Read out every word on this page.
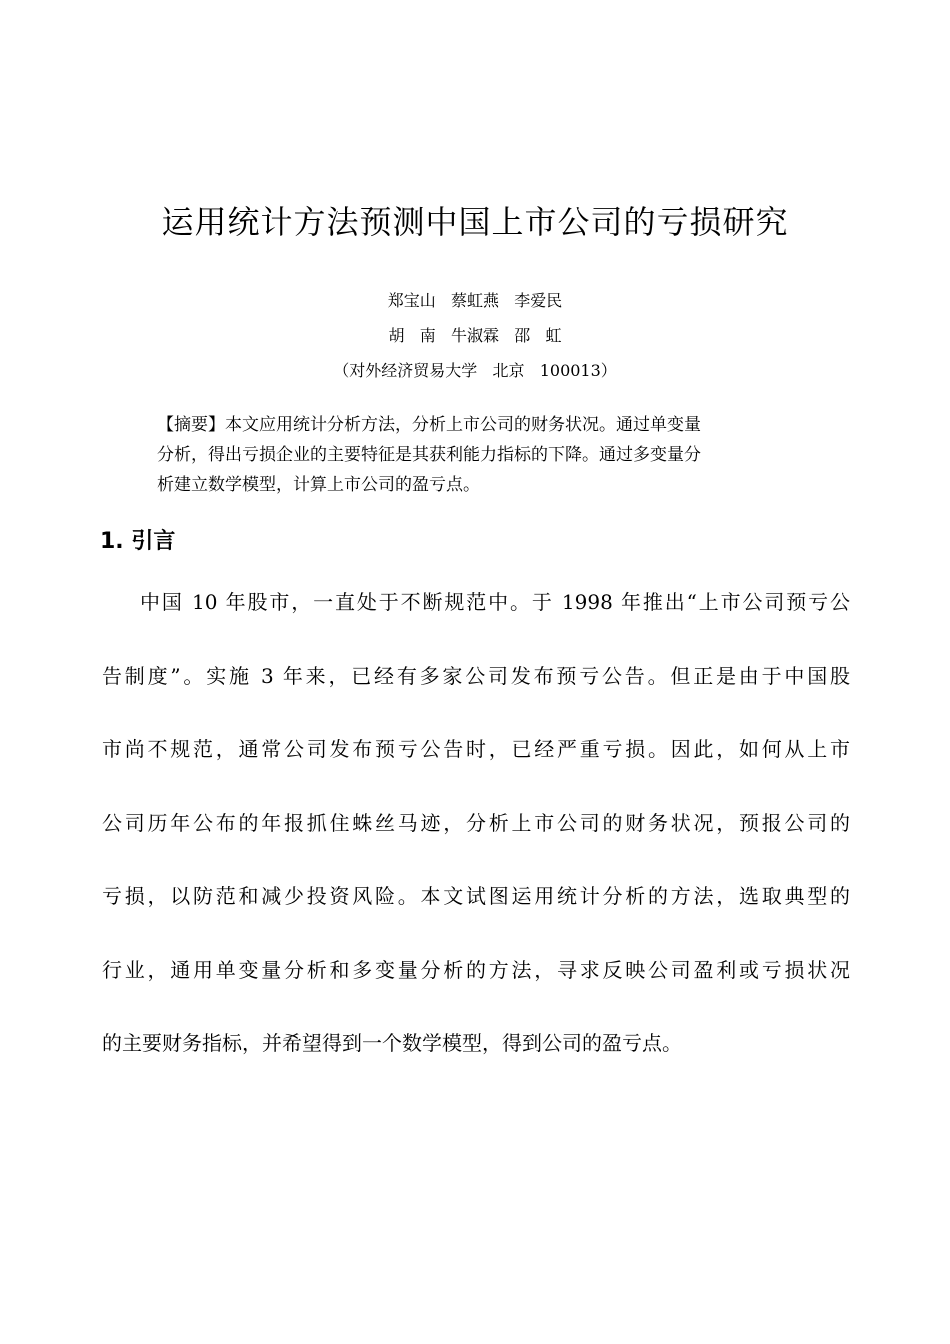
运用统计方法预测中国上市公司的亏损研究
郑宝山   蔡虹燕   李爱民
胡   南   牛淑霖   邵   虹
（对外经济贸易大学   北京   100013）
【摘要】本文应用统计分析方法，分析上市公司的财务状况。通过单变量
分析，得出亏损企业的主要特征是其获利能力指标的下降。通过多变量分
析建立数学模型，计算上市公司的盈亏点。
1. 引言
中国 10 年股市，一直处于不断规范中。于 1998 年推出“上市公司预亏公
告制度”。实施 3 年来，已经有多家公司发布预亏公告。但正是由于中国股
市尚不规范，通常公司发布预亏公告时，已经严重亏损。因此，如何从上市
公司历年公布的年报抓住蛛丝马迹，分析上市公司的财务状况，预报公司的
亏损，以防范和减少投资风险。本文试图运用统计分析的方法，选取典型的
行业，通用单变量分析和多变量分析的方法，寻求反映公司盈利或亏损状况
的主要财务指标，并希望得到一个数学模型，得到公司的盈亏点。
